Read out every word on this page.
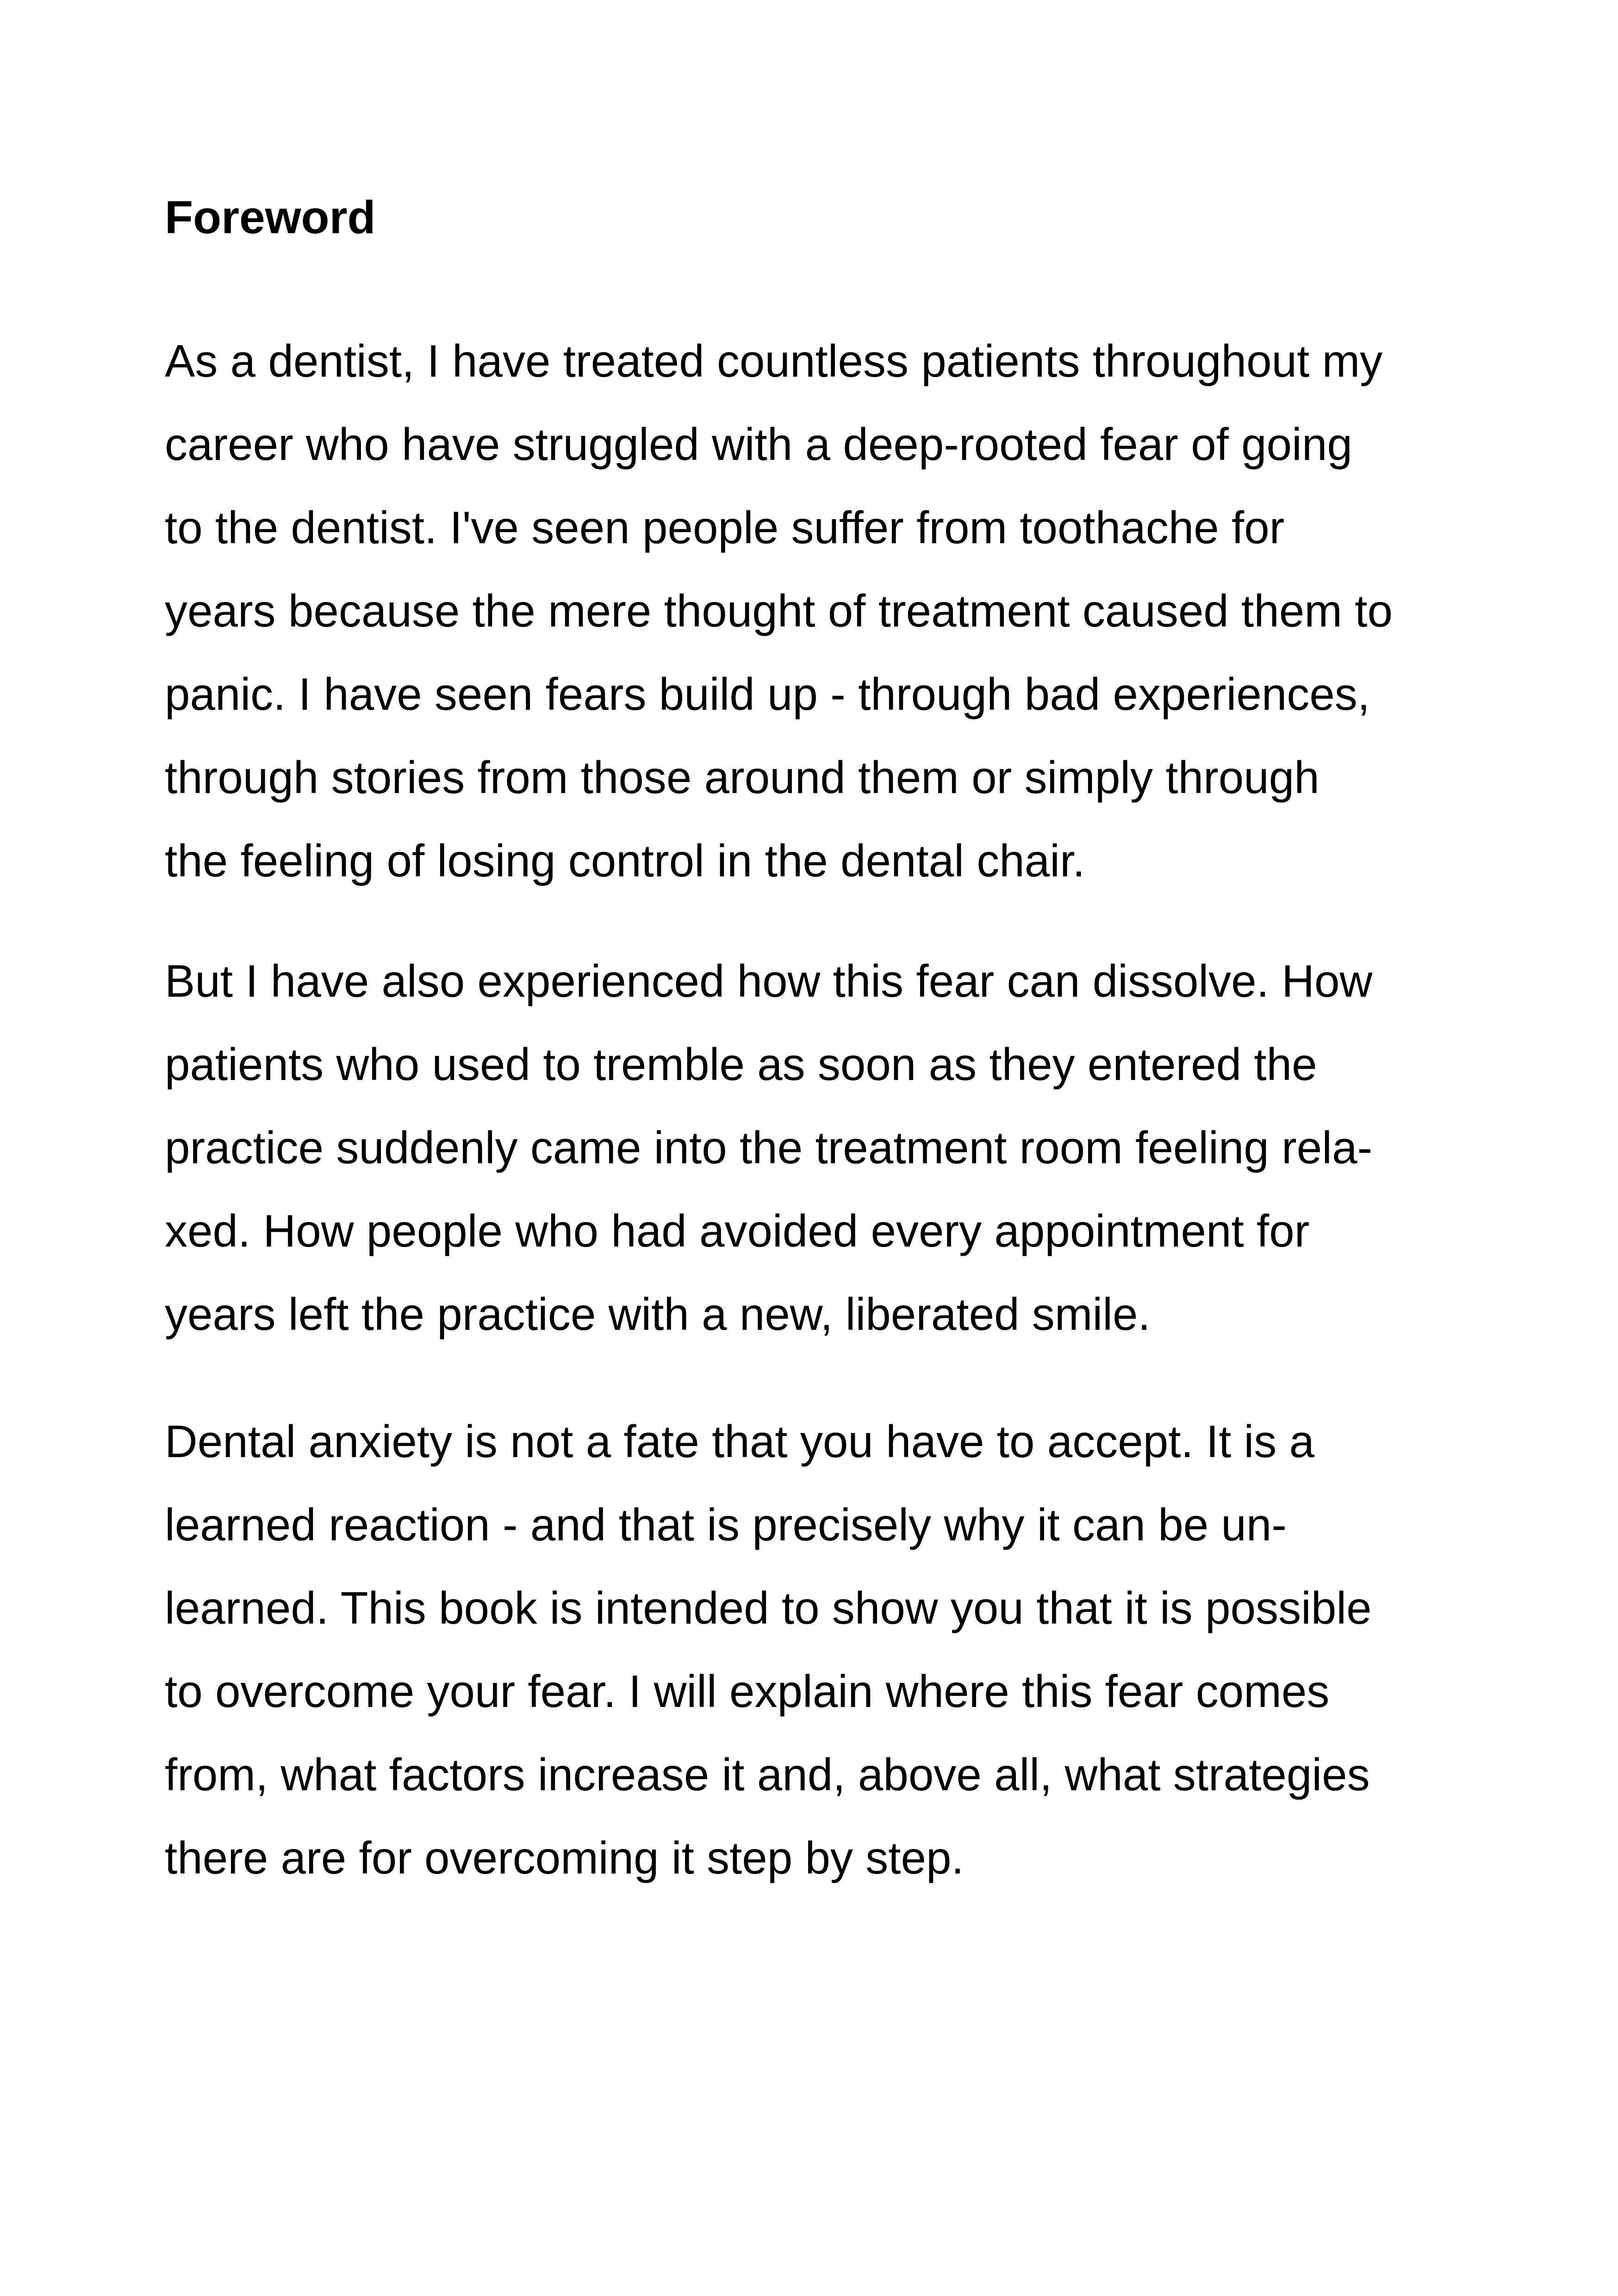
Foreword
As a dentist, I have treated countless patients throughout my
career who have struggled with a deep-rooted fear of going
to the dentist. I've seen people suffer from toothache for
years because the mere thought of treatment caused them to
panic. I have seen fears build up - through bad experiences,
through stories from those around them or simply through
the feeling of losing control in the dental chair.
But I have also experienced how this fear can dissolve. How
patients who used to tremble as soon as they entered the
practice suddenly came into the treatment room feeling rela-
xed. How people who had avoided every appointment for
years left the practice with a new, liberated smile.
Dental anxiety is not a fate that you have to accept. It is a
learned reaction - and that is precisely why it can be un-
learned. This book is intended to show you that it is possible
to overcome your fear. I will explain where this fear comes
from, what factors increase it and, above all, what strategies
there are for overcoming it step by step.
